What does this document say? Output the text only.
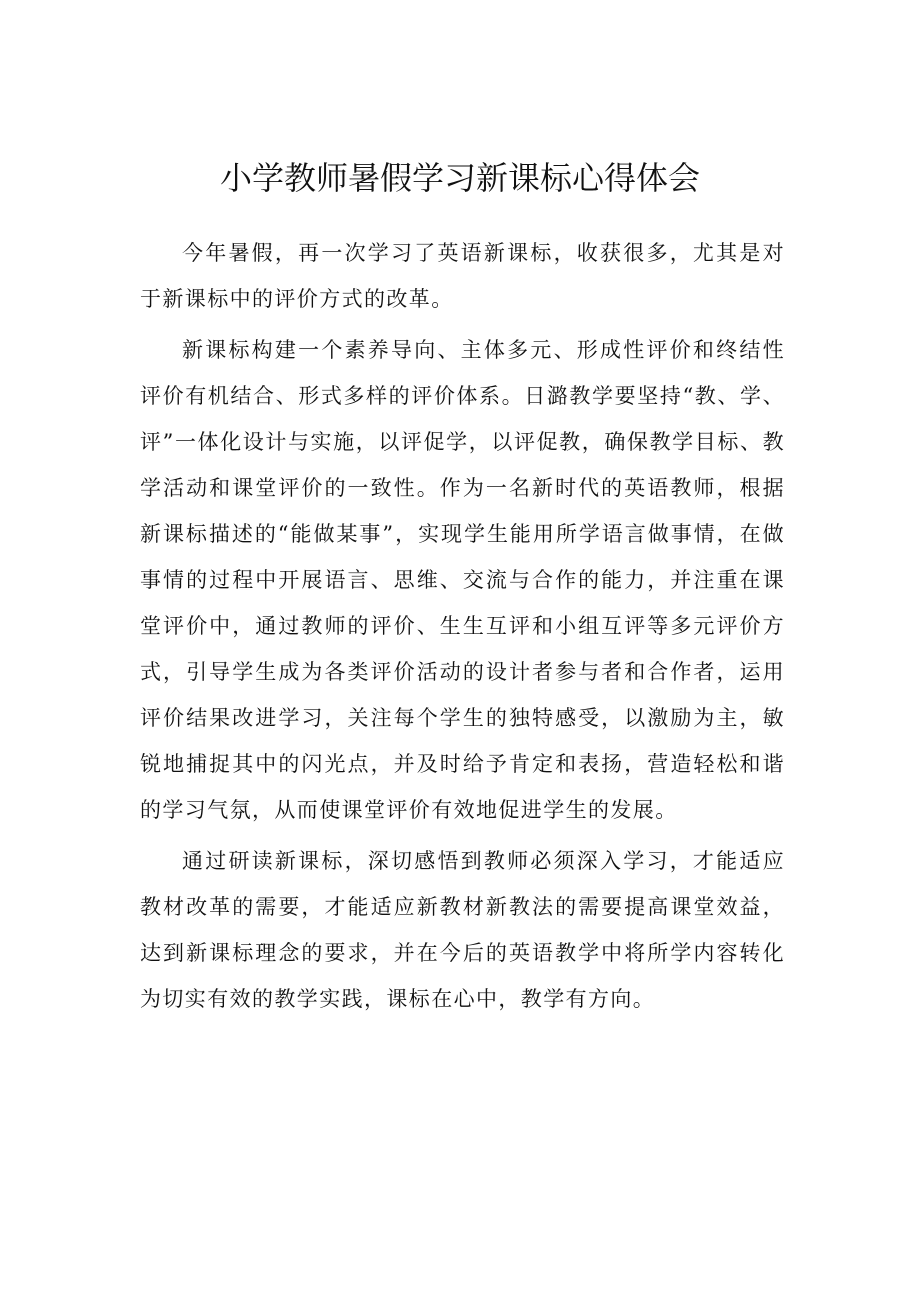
小学教师暑假学习新课标心得体会

今年暑假，再一次学习了英语新课标，收获很多，尤其是对于新课标中的评价方式的改革。

新课标构建一个素养导向、主体多元、形成性评价和终结性评价有机结合、形式多样的评价体系。日潞教学要坚持“教、学、评”一体化设计与实施，以评促学，以评促教，确保教学目标、教学活动和课堂评价的一致性。作为一名新时代的英语教师，根据新课标描述的“能做某事”，实现学生能用所学语言做事情，在做事情的过程中开展语言、思维、交流与合作的能力，并注重在课堂评价中，通过教师的评价、生生互评和小组互评等多元评价方式，引导学生成为各类评价活动的设计者参与者和合作者，运用评价结果改进学习，关注每个学生的独特感受，以激励为主，敏锐地捕捉其中的闪光点，并及时给予肯定和表扬，营造轻松和谐的学习气氛，从而使课堂评价有效地促进学生的发展。

通过研读新课标，深切感悟到教师必须深入学习，才能适应教材改革的需要，才能适应新教材新教法的需要提高课堂效益，达到新课标理念的要求，并在今后的英语教学中将所学内容转化为切实有效的教学实践，课标在心中，教学有方向。
